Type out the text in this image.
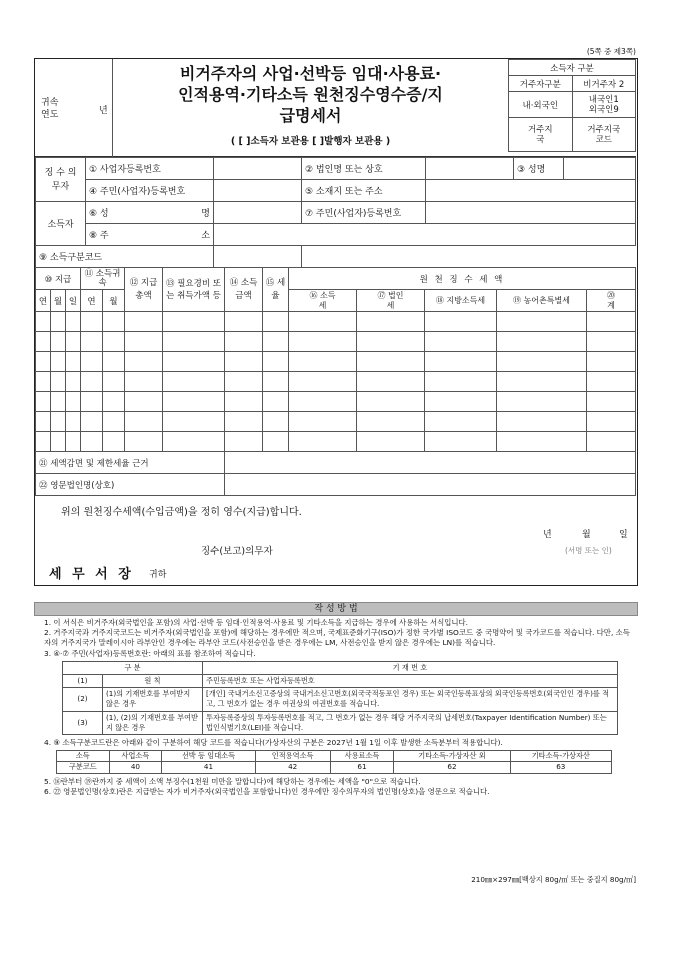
(5쪽 중 제3쪽)
귀속연도	년
비거주자의 사업·선박등 임대·사용료·
인적용역·기타소득 원천징수영수증/지
급명세서
( [ ]소득자 보관용 [ ]발행자 보관용 )
소득자 구분	
거주자구분	비거주자 2
내·외국인	내국인1
외국인9

거주지국	거주지국코드
징 수 의무자	① 사업자등록번호		② 법인명 또는 상호		③ 성명	
	④ 주민(사업자)등록번호		⑤ 소재지 또는 주소			
소득자	⑥ 성 명		⑦ 주민(사업자)등록번호			
	⑧ 주 소					

⑨ 소득구분코드						
⑩ 지급			⑪ 소득귀속		⑫ 지급총액	⑬ 필요경비 또는 취득가액 등	⑭ 소득금액	⑮ 세율	원 천 징 수 세 액				
연	월	일	연	월					⑯ 소득세	⑰ 법인세	⑱ 지방소득세	⑲ 농어촌특별세	⑳ 계

㉑ 세액감면 및 제한세율 근거													
㉒ 영문법인명(상호)													
위의 원천징수세액(수입금액)을 정히 영수(지급)합니다.
년	월	일
징수(보고)의무자	(서명 또는 인)
세 무 서 장 귀하
작 성 방 법

1. 이 서식은 비거주자(외국법인을 포함)의 사업·선박 등 임대·인적용역·사용료 및 기타소득을 지급하는 경우에 사용하는 서식입니다.

2. 거주지국과 거주지국코드는 비거주자(외국법인을 포함)에 해당하는 경우에만 적으며, 국제표준화기구(ISO)가 정한 국가별 ISO코드 중 국명약어 및 국가코드를 적습니다. 다만, 소득자의 거주지국가 말레이시아 라부안인 경우에는 라부안 코드(사전승인을 받은 경우에는 LM, 사전승인을 받지 않은 경우에는 LN)를 적습니다.

3. ④·⑦ 주민(사업자)등록번호란: 아래의 표를 참조하여 적습니다.

구 분		기 재 번 호
(1)	원 칙	주민등록번호 또는 사업자등록번호
(2)	(1)의 기재번호를 부여받지 않은 경우	[개인] 국내거소신고증상의 국내거소신고번호(외국국적동포인 경우) 또는 외국인등록표상의 외국인등록번호(외국인인 경우)를 적고, 그 번호가 없는 경우 여권상의 여권번호를 적습니다.
(3)	(1), (2)의 기재번호를 부여받지 않은 경우	투자등록증상의 투자등록번호를 적고, 그 번호가 없는 경우 해당 거주지국의 납세번호(Taxpayer Identification Number) 또는 법인식별기호(LEI)를 적습니다.

4. ⑨ 소득구분코드란은 아래와 같이 구분하여 해당 코드를 적습니다(가상자산의 구분은 2027년 1월 1일 이후 발생한 소득분부터 적용합니다).

소득	사업소득	선박 등 임대소득	인적용역소득	사용료소득	기타소득-가상자산 외	기타소득-가상자산
구분코드	40	41	42	61	62	63

5. ⑯란부터 ⑲란까지 중 세액이 소액 부징수(1천원 미만을 말합니다)에 해당하는 경우에는 세액을 "0"으로 적습니다.

6. ㉒ 영문법인명(상호)란은 지급받는 자가 비거주자(외국법인을 포함합니다)인 경우에만 징수의무자의 법인명(상호)을 영문으로 적습니다.

210㎜×297㎜[백상지 80g/㎡ 또는 중질지 80g/㎡]
